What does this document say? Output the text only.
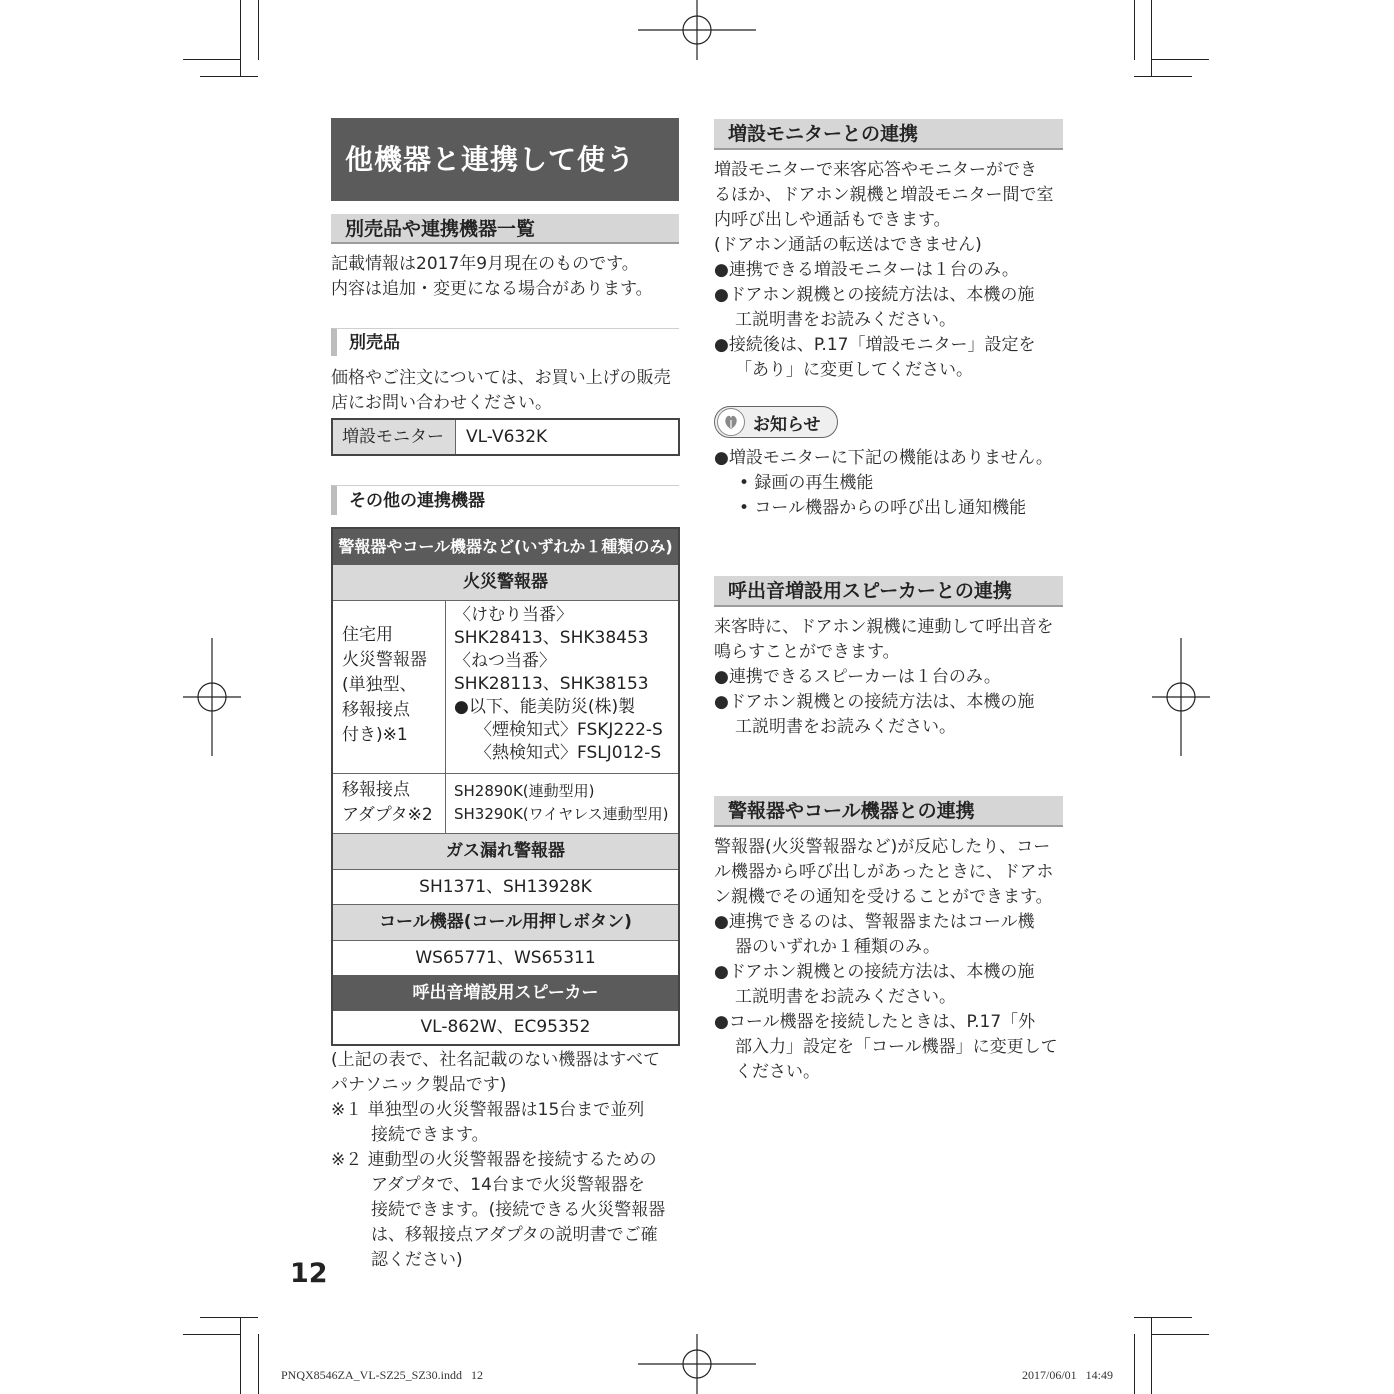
他機器と連携して使う
別売品や連携機器一覧
記載情報は2017年9月現在のものです。
内容は追加・変更になる場合があります。
別売品
価格やご注文については、お買い上げの販売
店にお問い合わせください。
増設モニター	VL-V632K
その他の連携機器
警報器やコール機器など(いずれか１種類のみ)
火災警報器
住宅用
火災警報器
(単独型、
移報接点
付き)※1
〈けむり当番〉
SHK28413、SHK38453
〈ねつ当番〉
SHK28113、SHK38153
●以下、能美防災(株)製
〈煙検知式〉FSKJ222-S
〈熱検知式〉FSLJ012-S
移報接点
アダプタ※2
SH2890K(連動型用)
SH3290K(ワイヤレス連動型用)
ガス漏れ警報器
SH1371、SH13928K
コール機器(コール用押しボタン)
WS65771、WS65311
呼出音増設用スピーカー
VL-862W、EC95352
(上記の表で、社名記載のない機器はすべて
パナソニック製品です)
※１ 単独型の火災警報器は15台まで並列
接続できます。
※２ 連動型の火災警報器を接続するための
アダプタで、14台まで火災警報器を
接続できます。(接続できる火災警報器
は、移報接点アダプタの説明書でご確
認ください)
12
増設モニターとの連携
増設モニターで来客応答やモニターができ
るほか、ドアホン親機と増設モニター間で室
内呼び出しや通話もできます。
(ドアホン通話の転送はできません)
●連携できる増設モニターは１台のみ。
●ドアホン親機との接続方法は、本機の施
工説明書をお読みください。
●接続後は、P.17「増設モニター」設定を
「あり」に変更してください。
お知らせ
●増設モニターに下記の機能はありません。
• 録画の再生機能
• コール機器からの呼び出し通知機能
呼出音増設用スピーカーとの連携
来客時に、ドアホン親機に連動して呼出音を
鳴らすことができます。
●連携できるスピーカーは１台のみ。
●ドアホン親機との接続方法は、本機の施
工説明書をお読みください。
警報器やコール機器との連携
警報器(火災警報器など)が反応したり、コー
ル機器から呼び出しがあったときに、ドアホ
ン親機でその通知を受けることができます。
●連携できるのは、警報器またはコール機
器のいずれか１種類のみ。
●ドアホン親機との接続方法は、本機の施
工説明書をお読みください。
●コール機器を接続したときは、P.17「外
部入力」設定を「コール機器」に変更して
ください。
PNQX8546ZA_VL-SZ25_SZ30.indd   12	2017/06/01   14:49
